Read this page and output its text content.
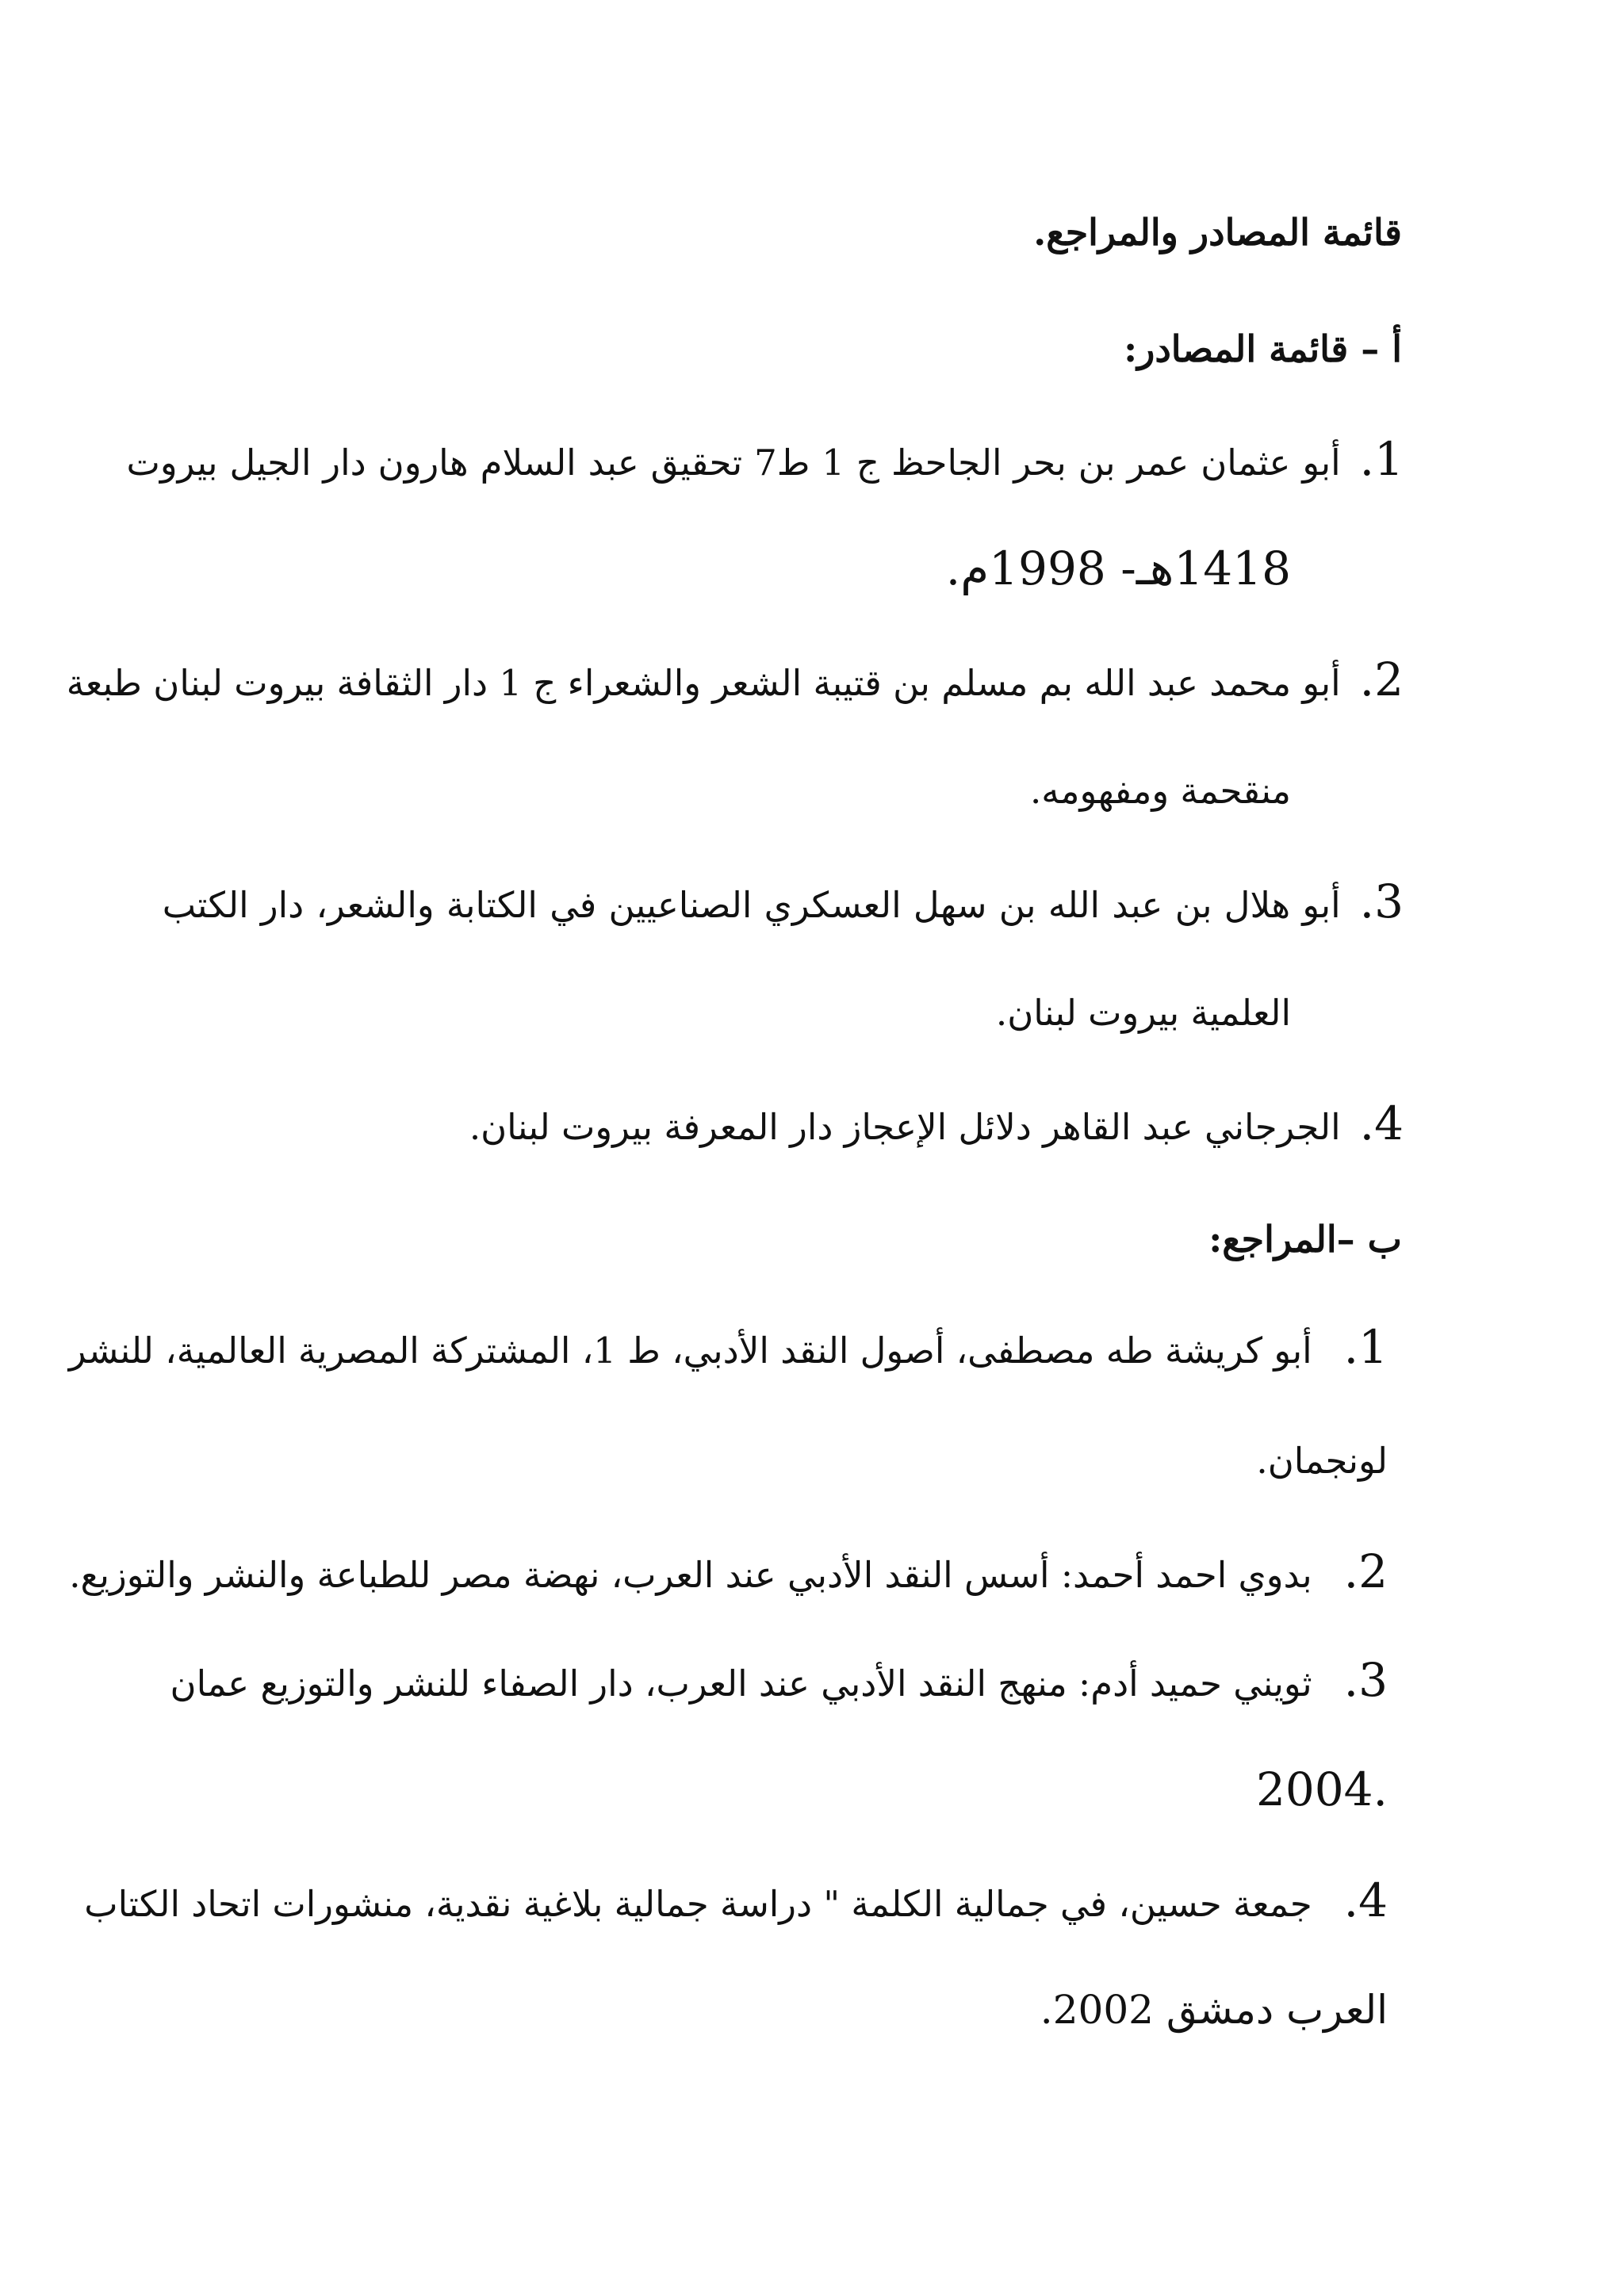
قائمة المصادر والمراجع.
أ – قائمة المصادر:
1.
أبو عثمان عمر بن بحر الجاحظ ج 1 ط7 تحقيق عبد السلام هارون دار الجيل بيروت
1418هـ- 1998م.
2.
أبو محمد عبد الله بم مسلم بن قتيبة الشعر والشعراء ج 1 دار الثقافة بيروت لبنان طبعة
منقحمة ومفهومه.
3.
أبو هلال بن عبد الله بن سهل العسكري الصناعيين في الكتابة والشعر، دار الكتب
العلمية بيروت لبنان.
4.
الجرجاني عبد القاهر دلائل الإعجاز دار المعرفة بيروت لبنان.
ب –المراجع:
1.
أبو كريشة طه مصطفى، أصول النقد الأدبي، ط 1، المشتركة المصرية العالمية، للنشر
لونجمان.
2.
بدوي احمد أحمد: أسس النقد الأدبي عند العرب، نهضة مصر للطباعة والنشر والتوزيع.
3.
ثويني حميد أدم: منهج النقد الأدبي عند العرب، دار الصفاء للنشر والتوزيع عمان
2004.
4.
جمعة حسين، في جمالية الكلمة " دراسة جمالية بلاغية نقدية، منشورات اتحاد الكتاب
العرب دمشق 2002.
